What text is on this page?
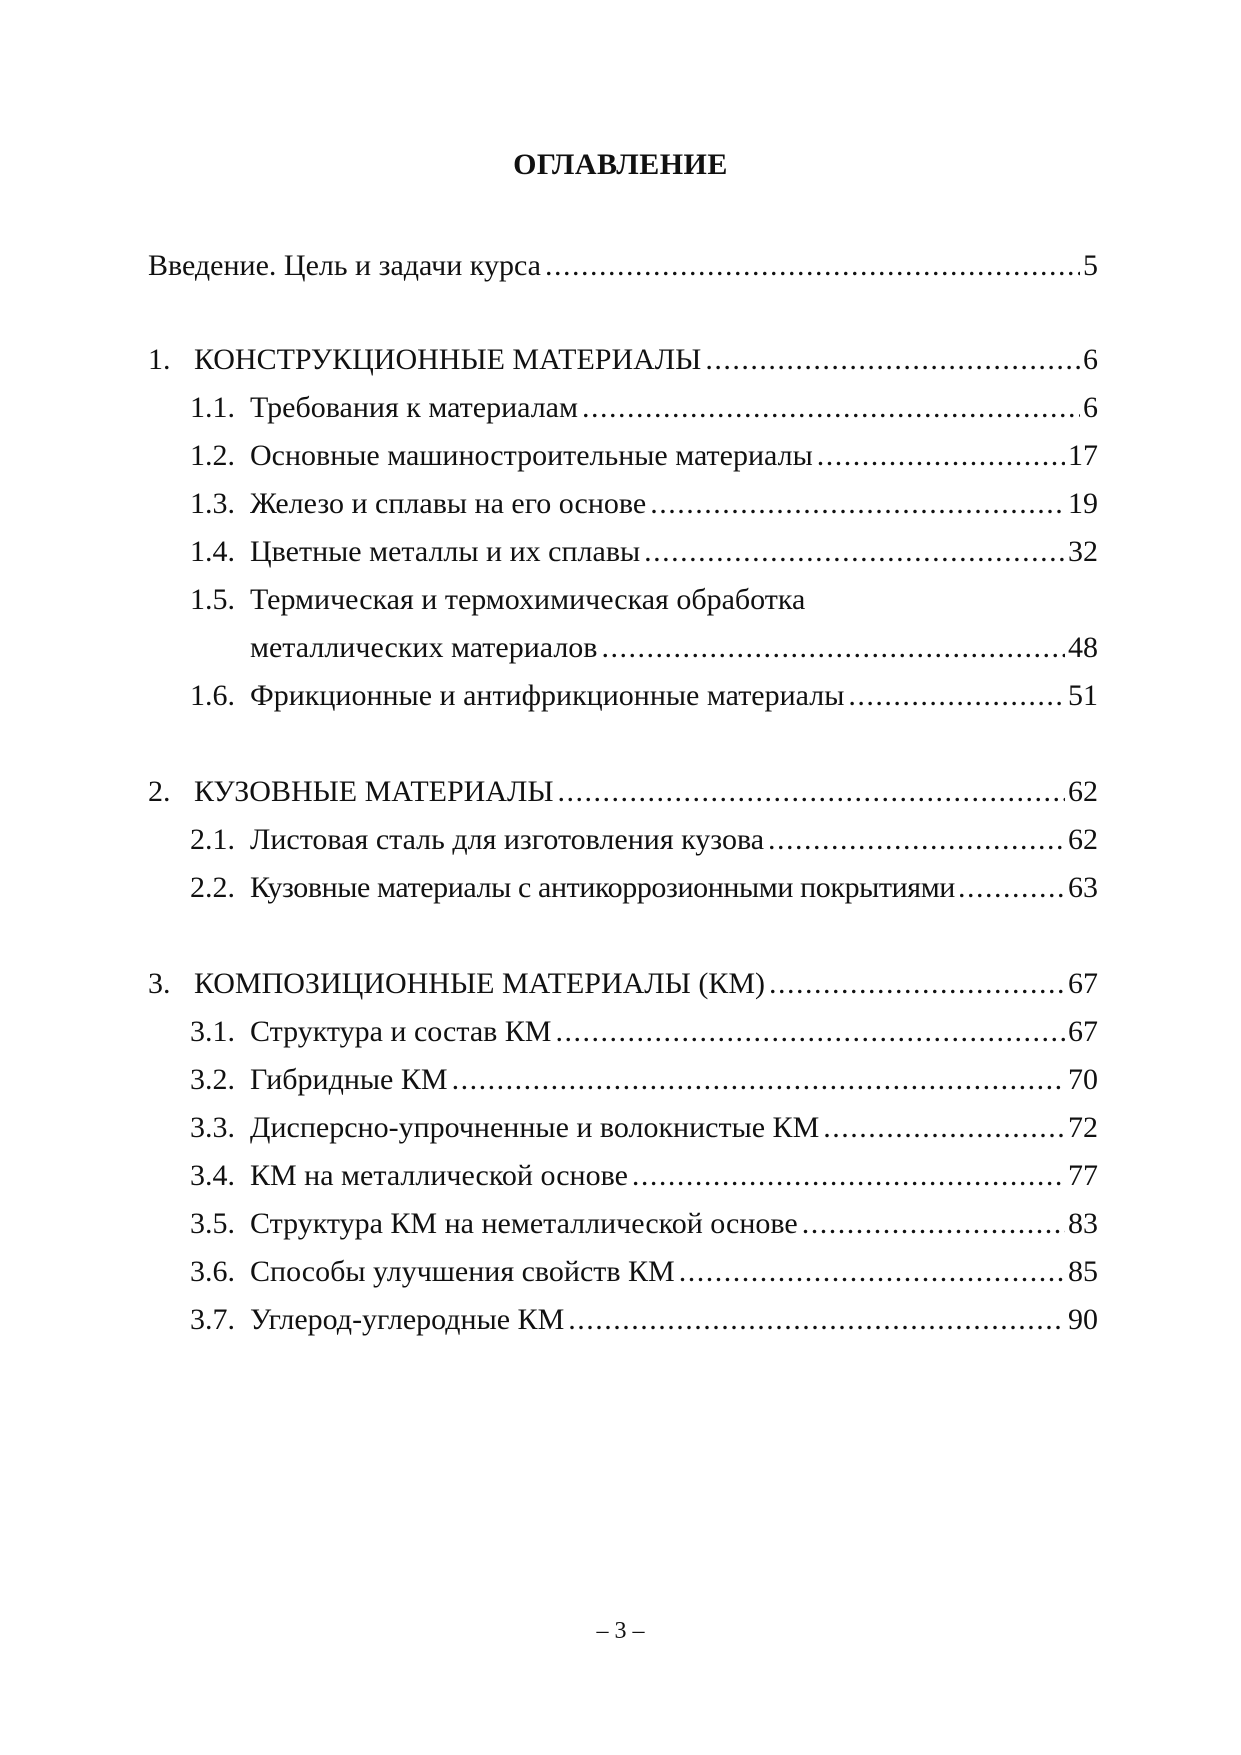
ОГЛАВЛЕНИЕ
Введение. Цель и задачи курса .....	5
1. КОНСТРУКЦИОННЫЕ МАТЕРИАЛЫ .....	6
1.1. Требования к материалам .....	6
1.2. Основные машиностроительные материалы .....	17
1.3. Железо и сплавы на его основе .....	19
1.4. Цветные металлы и их сплавы .....	32
1.5. Термическая и термохимическая обработка
металлических материалов .....	48
1.6. Фрикционные и антифрикционные материалы .....	51
2. КУЗОВНЫЕ МАТЕРИАЛЫ .....	62
2.1. Листовая сталь для изготовления кузова .....	62
2.2. Кузовные материалы с антикоррозионными покрытиями .....	63
3. КОМПОЗИЦИОННЫЕ МАТЕРИАЛЫ (КМ) .....	67
3.1. Структура и состав КМ .....	67
3.2. Гибридные КМ .....	70
3.3. Дисперсно-упрочненные и волокнистые КМ .....	72
3.4. КМ на металлической основе .....	77
3.5. Структура КМ на неметаллической основе .....	83
3.6. Способы улучшения свойств КМ .....	85
3.7. Углерод-углеродные КМ .....	90
– 3 –
